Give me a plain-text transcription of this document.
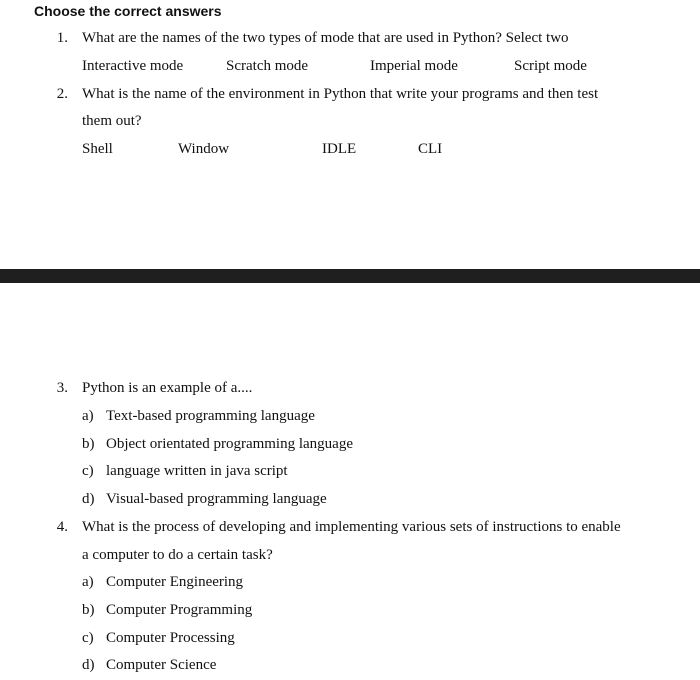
Choose the correct answers
1. What are the names of the two types of mode that are used in Python? Select two
Interactive mode	Scratch mode	Imperial mode	Script mode
2. What is the name of the environment in Python that write your programs and then test
them out?
Shell	Window	IDLE	CLI
3. Python is an example of a....
a) Text-based programming language
b) Object orientated programming language
c) language written in java script
d) Visual-based programming language
4. What is the process of developing and implementing various sets of instructions to enable
a computer to do a certain task?
a) Computer Engineering
b) Computer Programming
c) Computer Processing
d) Computer Science
